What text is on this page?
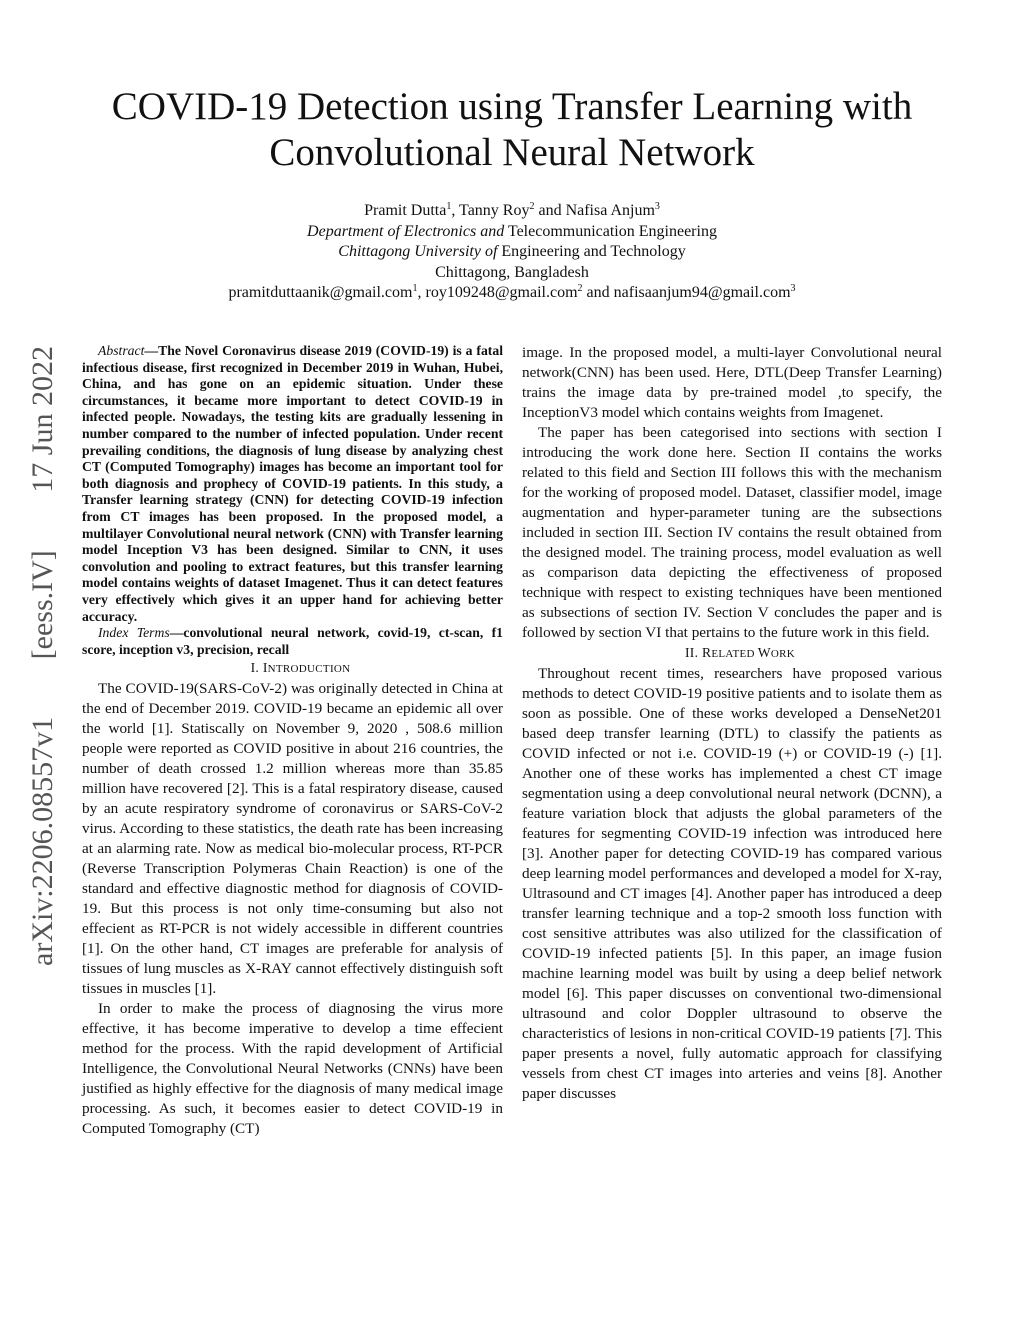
COVID-19 Detection using Transfer Learning with
Convolutional Neural Network
Pramit Dutta$^1$, Tanny Roy$^2$ and Nafisa Anjum$^3$
Department of Electronics and Telecommunication Engineering
Chittagong University of Engineering and Technology
Chittagong, Bangladesh
pramitduttaanik@gmail.com$^1$, roy109248@gmail.com$^2$ and nafisaanjum94@gmail.com$^3$
arXiv:2206.08557v1
[eess.IV]
17 Jun 2022	Abstract—The Novel Coronavirus disease 2019 (COVID-19) is a fatal infectious disease, first recognized in December 2019 in Wuhan, Hubei, China, and has gone on an epidemic situation. Under these circumstances, it became more important to detect COVID-19 in infected people. Nowadays, the testing kits are gradually lessening in number compared to the number of infected population. Under recent prevailing conditions, the diagnosis of lung disease by analyzing chest CT (Computed Tomography) images has become an important tool for both diagnosis and prophecy of COVID-19 patients. In this study, a Transfer learning strategy (CNN) for detecting COVID-19 infection from CT images has been proposed. In the proposed model, a multilayer Convolutional neural network (CNN) with Transfer learning model Inception V3 has been designed. Similar to CNN, it uses convolution and pooling to extract features, but this transfer learning model contains weights of dataset Imagenet. Thus it can detect features very effectively which gives it an upper hand for achieving better accuracy.

Index Terms—convolutional neural network, covid-19, ct-scan, f1 score, inception v3, precision, recall

I. INTRODUCTION

The COVID-19(SARS-CoV-2) was originally detected in China at the end of December 2019. COVID-19 became an epidemic all over the world [1]. Statiscally on November 9, 2020 , 508.6 million people were reported as COVID positive in about 216 countries, the number of death crossed 1.2 million whereas more than 35.85 million have recovered [2]. This is a fatal respiratory disease, caused by an acute respiratory syndrome of coronavirus or SARS-CoV-2 virus. According to these statistics, the death rate has been increasing at an alarming rate. Now as medical bio-molecular process, RT-PCR (Reverse Transcription Polymeras Chain Reaction) is one of the standard and effective diagnostic method for diagnosis of COVID-19. But this process is not only time-consuming but also not effecient as RT-PCR is not widely accessible in different countries [1]. On the other hand, CT images are preferable for analysis of tissues of lung muscles as X-RAY cannot effectively distinguish soft tissues in muscles [1].

In order to make the process of diagnosing the virus more effective, it has become imperative to develop a time effecient method for the process. With the rapid development of Artificial Intelligence, the Convolutional Neural Networks (CNNs) have been justified as highly effective for the diagnosis of many medical image processing. As such, it becomes easier to detect COVID-19 in Computed Tomography (CT)

image. In the proposed model, a multi-layer Convolutional neural network(CNN) has been used. Here, DTL(Deep Transfer Learning) trains the image data by pre-trained model ,to specify, the InceptionV3 model which contains weights from Imagenet.

The paper has been categorised into sections with section I introducing the work done here. Section II contains the works related to this field and Section III follows this with the mechanism for the working of proposed model. Dataset, classifier model, image augmentation and hyper-parameter tuning are the subsections included in section III. Section IV contains the result obtained from the designed model. The training process, model evaluation as well as comparison data depicting the effectiveness of proposed technique with respect to existing techniques have been mentioned as subsections of section IV. Section V concludes the paper and is followed by section VI that pertains to the future work in this field.

II. RELATED WORK

Throughout recent times, researchers have proposed various methods to detect COVID-19 positive patients and to isolate them as soon as possible. One of these works developed a DenseNet201 based deep transfer learning (DTL) to classify the patients as COVID infected or not i.e. COVID-19 (+) or COVID-19 (-) [1]. Another one of these works has implemented a chest CT image segmentation using a deep convolutional neural network (DCNN), a feature variation block that adjusts the global parameters of the features for segmenting COVID-19 infection was introduced here [3]. Another paper for detecting COVID-19 has compared various deep learning model performances and developed a model for X-ray, Ultrasound and CT images [4]. Another paper has introduced a deep transfer learning technique and a top-2 smooth loss function with cost sensitive attributes was also utilized for the classification of COVID-19 infected patients [5]. In this paper, an image fusion machine learning model was built by using a deep belief network model [6]. This paper discusses on conventional two-dimensional ultrasound and color Doppler ultrasound to observe the characteristics of lesions in non-critical COVID-19 patients [7]. This paper presents a novel, fully automatic approach for classifying vessels from chest CT images into arteries and veins [8]. Another paper discusses
